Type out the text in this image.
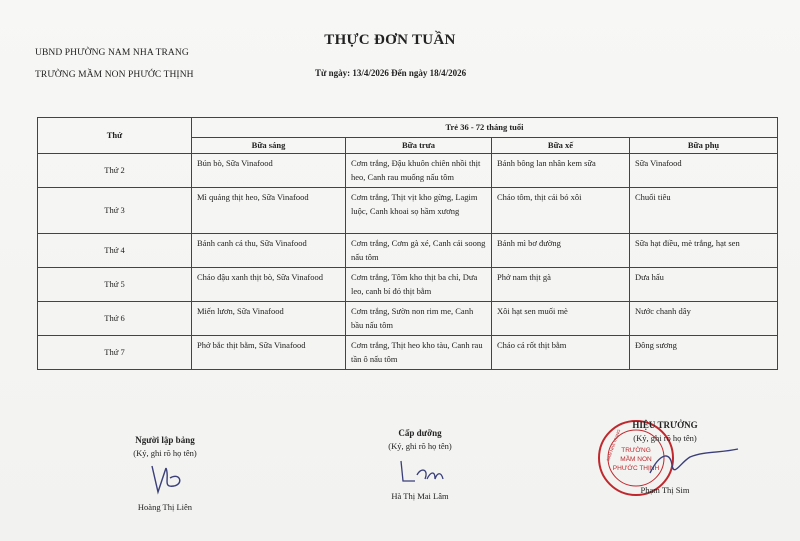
UBND PHƯỜNG NAM NHA TRANG
TRƯỜNG MẦM NON PHƯỚC THỊNH
THỰC ĐƠN TUẦN
Từ ngày: 13/4/2026 Đến ngày 18/4/2026
Thứ	Trẻ 36 - 72 tháng tuổi			
	Bữa sáng	Bữa trưa	Bữa xế	Bữa phụ
Thứ 2	Bún bò, Sữa Vinafood	Cơm trắng, Đậu khuôn chiên nhồi thịt heo, Canh rau muống nấu tôm	Bánh bông lan nhân kem sữa	Sữa Vinafood
Thứ 3	Mì quảng thịt heo, Sữa Vinafood	Cơm trắng, Thịt vịt kho gừng, Lagim luộc, Canh khoai sọ hầm xương	Cháo tôm, thịt cải bó xôi	Chuối tiêu
Thứ 4	Bánh canh cá thu, Sữa Vinafood	Cơm trắng, Cơm gà xé, Canh cải soong nấu tôm	Bánh mì bơ đường	Sữa hạt điều, mè trắng, hạt sen
Thứ 5	Cháo đậu xanh thịt bò, Sữa Vinafood	Cơm trắng, Tôm kho thịt ba chỉ, Dưa leo, canh bí đỏ thịt bằm	Phở nam thịt gà	Dưa hấu
Thứ 6	Miến lươn, Sữa Vinafood	Cơm trắng, Sườn non rim me, Canh bầu nấu tôm	Xôi hạt sen muối mè	Nước chanh dây
Thứ 7	Phở bắc thịt bằm, Sữa Vinafood	Cơm trắng, Thịt heo kho tàu, Canh rau tần ô nấu tôm	Cháo cá rốt thịt bằm	Đông sương
Người lập bảng
(Ký, ghi rõ họ tên)
Hoàng Thị Liên
Cấp dưỡng
(Ký, ghi rõ họ tên)
Hà Thị Mai Lâm
TRƯỜNG
MẦM NON
PHƯỚC THỊNH
NAM NHA TRANG
HIỆU TRƯỞNG
(Ký, ghi rõ họ tên)
Phạm Thị Sim
